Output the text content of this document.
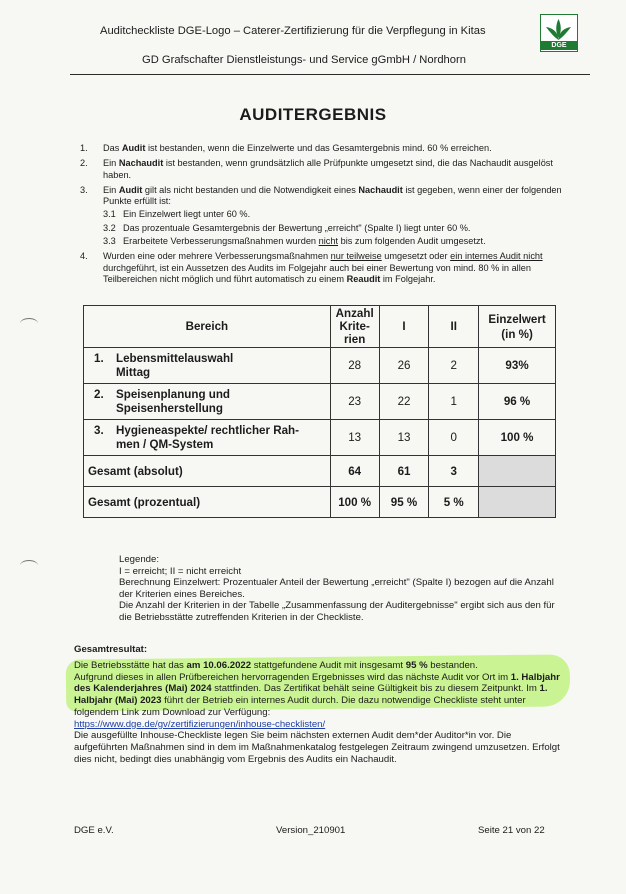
Auditcheckliste DGE-Logo – Caterer-Zertifizierung für die Verpflegung in Kitas
GD Grafschafter Dienstleistungs- und Service gGmbH / Nordhorn
DGE
AUDITERGEBNIS
1. Das Audit ist bestanden, wenn die Einzelwerte und das Gesamtergebnis mind. 60 % erreichen.
2. Ein Nachaudit ist bestanden, wenn grundsätzlich alle Prüfpunkte umgesetzt sind, die das Nachaudit ausgelöst haben.
3. Ein Audit gilt als nicht bestanden und die Notwendigkeit eines Nachaudit ist gegeben, wenn einer der folgenden Punkte erfüllt ist:
3.1 Ein Einzelwert liegt unter 60 %.
3.2 Das prozentuale Gesamtergebnis der Bewertung „erreicht" (Spalte I) liegt unter 60 %.
3.3 Erarbeitete Verbesserungsmaßnahmen wurden nicht bis zum folgenden Audit umgesetzt.
4. Wurden eine oder mehrere Verbesserungsmaßnahmen nur teilweise umgesetzt oder ein internes Audit nicht durchgeführt, ist ein Aussetzen des Audits im Folgejahr auch bei einer Bewertung von mind. 80 % in allen Teilbereichen nicht möglich und führt automatisch zu einem Reaudit im Folgejahr.
Bereich	Anzahl
Krite-
rien	I	II	Einzelwert
(in %)
1. Lebensmittelauswahl
Mittag	28	26	2	93%
2. Speisenplanung und
Speisenherstellung	23	22	1	96 %
3. Hygieneaspekte/ rechtlicher Rah-
men / QM-System	13	13	0	100 %
Gesamt (absolut)	64	61	3	
Gesamt (prozentual)	100 %	95 %	5 %	
Legende:
I = erreicht; II = nicht erreicht
Berechnung Einzelwert: Prozentualer Anteil der Bewertung „erreicht" (Spalte I) bezogen auf die Anzahl der Kriterien eines Bereiches.
Die Anzahl der Kriterien in der Tabelle „Zusammenfassung der Auditergebnisse" ergibt sich aus den für die Betriebsstätte zutreffenden Kriterien in der Checkliste.
Gesamtresultat:
Die Betriebsstätte hat das am 10.06.2022 stattgefundene Audit mit insgesamt 95 % bestanden.
Aufgrund dieses in allen Prüfbereichen hervorragenden Ergebnisses wird das nächste Audit vor Ort im 1. Halbjahr des Kalenderjahres (Mai) 2024 stattfinden. Das Zertifikat behält seine Gültigkeit bis zu diesem Zeitpunkt. Im 1. Halbjahr (Mai) 2023 führt der Betrieb ein internes Audit durch. Die dazu notwendige Checkliste steht unter folgendem Link zum Download zur Verfügung:
https://www.dge.de/gv/zertifizierungen/inhouse-checklisten/
Die ausgefüllte Inhouse-Checkliste legen Sie beim nächsten externen Audit dem*der Auditor*in vor. Die aufgeführten Maßnahmen sind in dem im Maßnahmenkatalog festgelegen Zeitraum zwingend umzusetzen. Erfolgt dies nicht, bedingt dies unabhängig vom Ergebnis des Audits ein Nachaudit.
DGE e.V.	Version_210901	Seite 21 von 22
